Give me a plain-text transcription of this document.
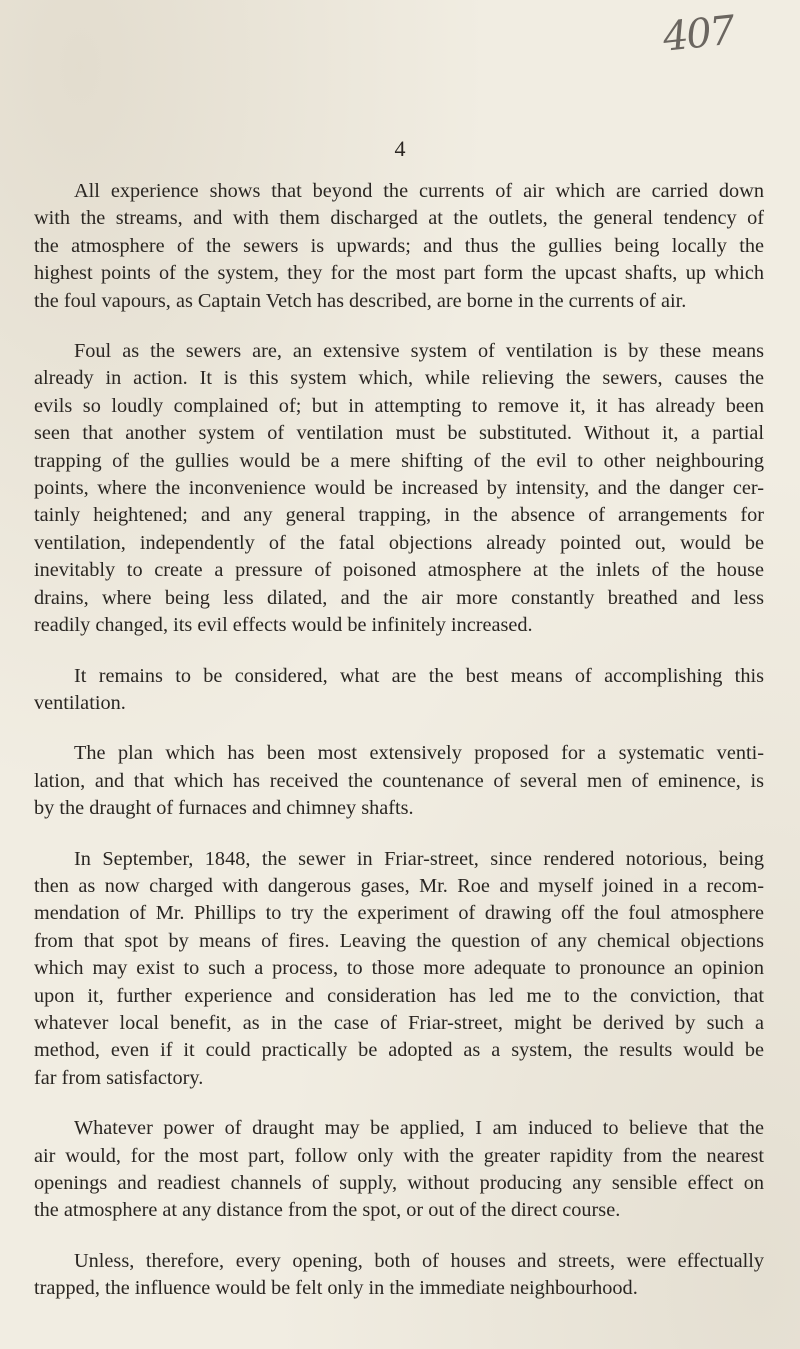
407
4
All experience shows that beyond the currents of air which are carried down
with the streams, and with them discharged at the outlets, the general tendency of
the atmosphere of the sewers is upwards; and thus the gullies being locally the
highest points of the system, they for the most part form the upcast shafts, up which
the foul vapours, as Captain Vetch has described, are borne in the currents of air.
Foul as the sewers are, an extensive system of ventilation is by these means
already in action. It is this system which, while relieving the sewers, causes the
evils so loudly complained of; but in attempting to remove it, it has already been
seen that another system of ventilation must be substituted. Without it, a partial
trapping of the gullies would be a mere shifting of the evil to other neighbouring
points, where the inconvenience would be increased by intensity, and the danger cer-
tainly heightened; and any general trapping, in the absence of arrangements for
ventilation, independently of the fatal objections already pointed out, would be
inevitably to create a pressure of poisoned atmosphere at the inlets of the house
drains, where being less dilated, and the air more constantly breathed and less
readily changed, its evil effects would be infinitely increased.
It remains to be considered, what are the best means of accomplishing this
ventilation.
The plan which has been most extensively proposed for a systematic venti-
lation, and that which has received the countenance of several men of eminence, is
by the draught of furnaces and chimney shafts.
In September, 1848, the sewer in Friar-street, since rendered notorious, being
then as now charged with dangerous gases, Mr. Roe and myself joined in a recom-
mendation of Mr. Phillips to try the experiment of drawing off the foul atmosphere
from that spot by means of fires. Leaving the question of any chemical objections
which may exist to such a process, to those more adequate to pronounce an opinion
upon it, further experience and consideration has led me to the conviction, that
whatever local benefit, as in the case of Friar-street, might be derived by such a
method, even if it could practically be adopted as a system, the results would be
far from satisfactory.
Whatever power of draught may be applied, I am induced to believe that the
air would, for the most part, follow only with the greater rapidity from the nearest
openings and readiest channels of supply, without producing any sensible effect on
the atmosphere at any distance from the spot, or out of the direct course.
Unless, therefore, every opening, both of houses and streets, were effectually
trapped, the influence would be felt only in the immediate neighbourhood.
